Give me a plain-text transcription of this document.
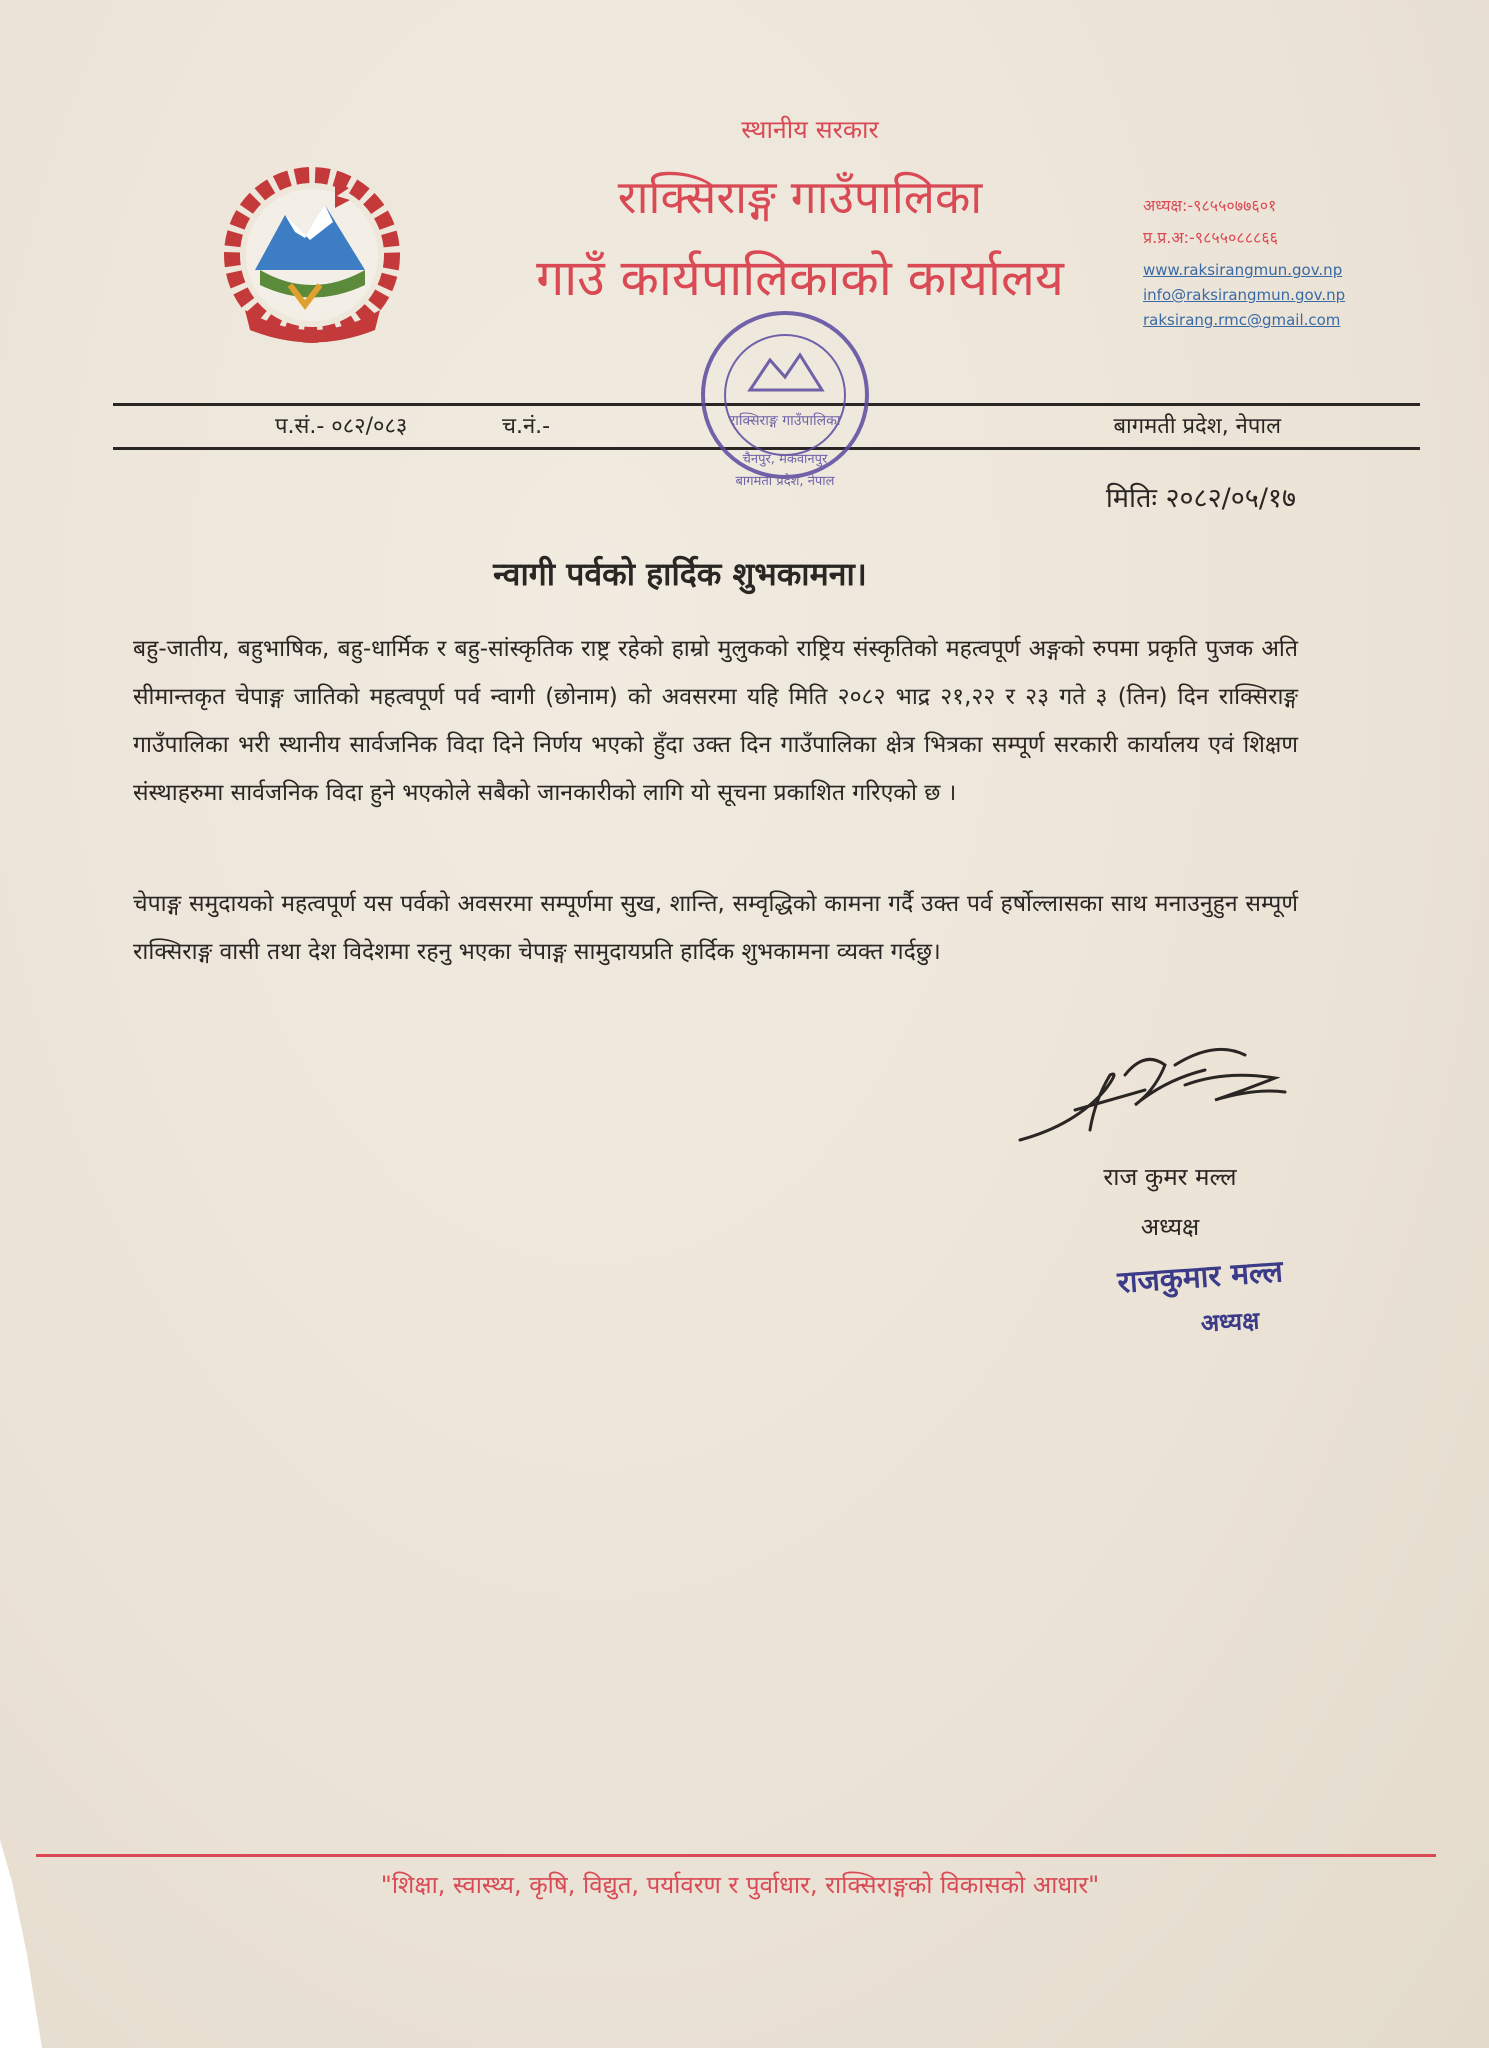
स्थानीय सरकार
राक्सिराङ्ग गाउँपालिका
गाउँ कार्यपालिकाको कार्यालय
अध्यक्ष:-९८५५०७७६०१
प्र.प्र.अ:-९८५५०८८८६६
www.raksirangmun.gov.np
info@raksirangmun.gov.np
raksirang.rmc@gmail.com
प.सं.- ०८२/०८३	च.नं.-	बागमती प्रदेश, नेपाल
राक्सिराङ्ग गाउँपालिका
चैनपुर, मकवानपुर
बागमती प्रदेश, नेपाल
मितिः २०८२/०५/१७
न्वागी पर्वको हार्दिक शुभकामना।
बहु-जातीय, बहुभाषिक, बहु-धार्मिक र बहु-सांस्कृतिक राष्ट्र रहेको हाम्रो मुलुकको राष्ट्रिय संस्कृतिको महत्वपूर्ण अङ्गको रुपमा प्रकृति पुजक अति सीमान्तकृत चेपाङ्ग जातिको महत्वपूर्ण पर्व न्वागी (छोनाम) को अवसरमा यहि मिति २०८२ भाद्र २१,२२ र २३ गते ३ (तिन) दिन राक्सिराङ्ग गाउँपालिका भरी स्थानीय सार्वजनिक विदा दिने निर्णय भएको हुँदा उक्त दिन गाउँपालिका क्षेत्र भित्रका सम्पूर्ण सरकारी कार्यालय एवं शिक्षण संस्थाहरुमा सार्वजनिक विदा हुने भएकोले सबैको जानकारीको लागि यो सूचना प्रकाशित गरिएको छ ।
चेपाङ्ग समुदायको महत्वपूर्ण यस पर्वको अवसरमा सम्पूर्णमा सुख, शान्ति, सम्वृद्धिको कामना गर्दै उक्त पर्व हर्षोल्लासका साथ मनाउनुहुन सम्पूर्ण राक्सिराङ्ग वासी तथा देश विदेशमा रहनु भएका चेपाङ्ग सामुदायप्रति हार्दिक शुभकामना व्यक्त गर्दछु।
राज कुमर मल्ल
अध्यक्ष
राजकुमार मल्ल
अध्यक्ष
"शिक्षा, स्वास्थ्य, कृषि, विद्युत, पर्यावरण र पुर्वाधार, राक्सिराङ्गको विकासको आधार"
